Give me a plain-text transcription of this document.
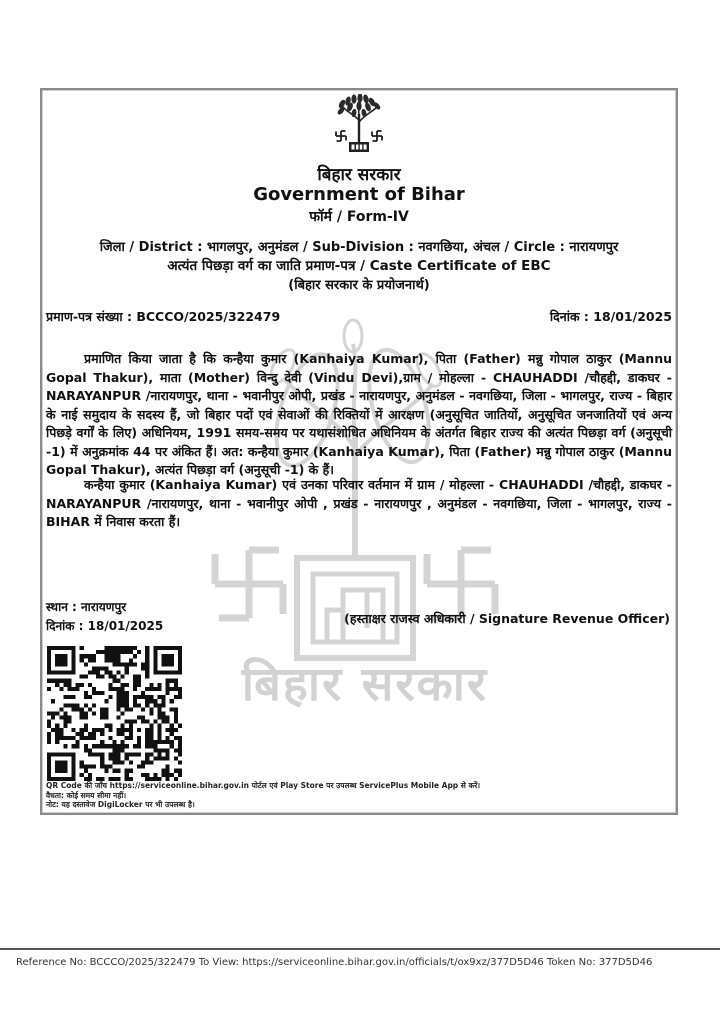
बिहार सरकार
बिहार सरकार
Government of Bihar
फॉर्म / Form-IV
जिला / District : भागलपुर, अनुमंडल / Sub-Division : नवगछिया, अंचल / Circle : नारायणपुर
अत्यंत पिछड़ा वर्ग का जाति प्रमाण-पत्र / Caste Certificate of EBC
(बिहार सरकार के प्रयोजनार्थ)
प्रमाण-पत्र संख्या : BCCCO/2025/322479	दिनांक : 18/01/2025
प्रमाणित किया जाता है कि कन्हैया कुमार (Kanhaiya Kumar), पिता (Father) मन्नु गोपाल ठाकुर (Mannu Gopal Thakur), माता (Mother) विन्दु देवी (Vindu Devi),ग्राम / मोहल्ला - CHAUHADDI /चौहद्दी, डाकघर - NARAYANPUR /नारायणपुर, थाना - भवानीपुर ओपी, प्रखंड - नारायणपुर, अनुमंडल - नवगछिया, जिला - भागलपुर, राज्य - बिहार के नाई समुदाय के सदस्य हैं, जो बिहार पदों एवं सेवाओं की रिक्तियों में आरक्षण (अनुसूचित जातियों, अनुसूचित जनजातियों एवं अन्य पिछड़े वर्गों के लिए) अधिनियम, 1991 समय-समय पर यथासंशोधित अधिनियम के अंतर्गत बिहार राज्य की अत्यंत पिछड़ा वर्ग (अनुसूची -1) में अनुक्रमांक 44 पर अंकित हैं। अत: कन्हैया कुमार (Kanhaiya Kumar), पिता (Father) मन्नु गोपाल ठाकुर (Mannu Gopal Thakur), अत्यंत पिछड़ा वर्ग (अनुसूची -1) के हैं।
कन्हैया कुमार (Kanhaiya Kumar) एवं उनका परिवार वर्तमान में ग्राम / मोहल्ला - CHAUHADDI /चौहद्दी, डाकघर - NARAYANPUR /नारायणपुर, थाना - भवानीपुर ओपी , प्रखंड - नारायणपुर , अनुमंडल - नवगछिया, जिला - भागलपुर, राज्य - BIHAR में निवास करता हैं।
स्थान : नारायणपुर
दिनांक : 18/01/2025	(हस्ताक्षर राजस्व अधिकारी / Signature Revenue Officer)
QR Code की जाँच https://serviceonline.bihar.gov.in पोर्टल एवं Play Store पर उपलब्ध ServicePlus Mobile App से करें।
वैधता: कोई समय सीमा नहीं।
नोट: यह दस्तावेज DigiLocker पर भी उपलब्ध है।
Reference No: BCCCO/2025/322479 To View: https://serviceonline.bihar.gov.in/officials/t/ox9xz/377D5D46 Token No: 377D5D46
